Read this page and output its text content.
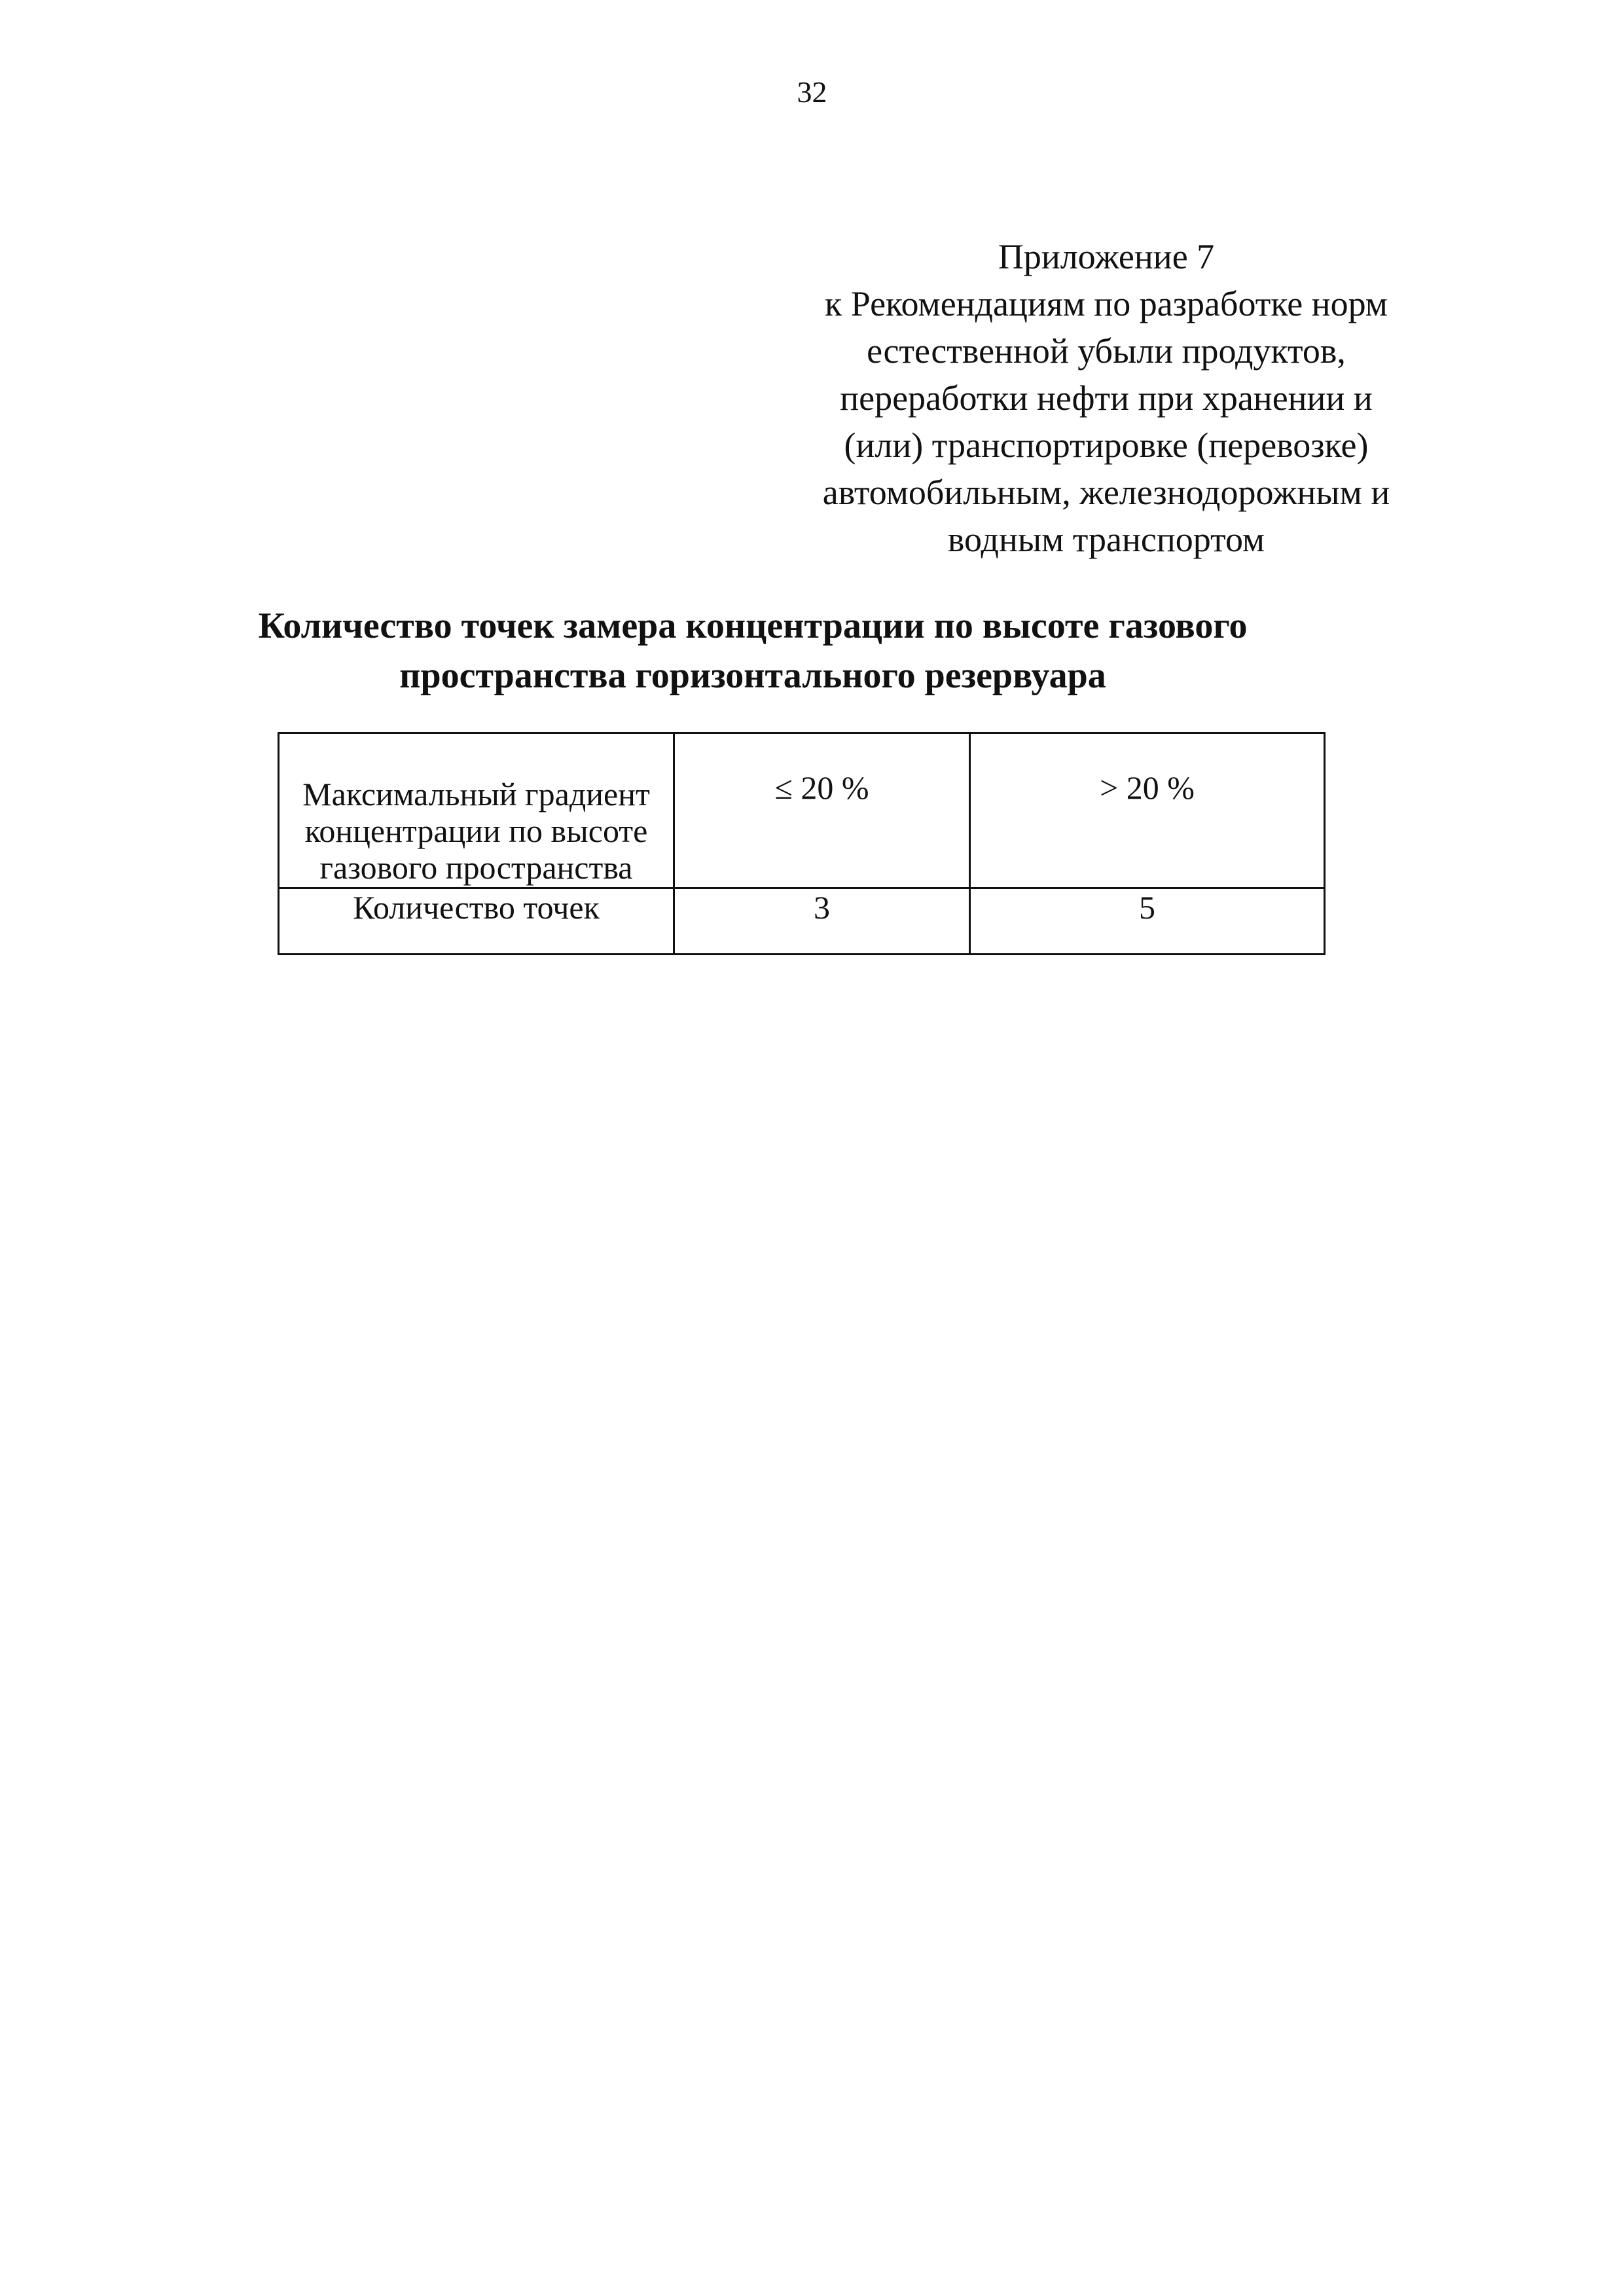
32
Приложение 7
к Рекомендациям по разработке норм
естественной убыли продуктов,
переработки нефти при хранении и
(или) транспортировке (перевозке)
автомобильным, железнодорожным и
водным транспортом
Количество точек замера концентрации по высоте газового
пространства горизонтального резервуара
Максимальный градиент
концентрации по высоте
газового пространства	≤ 20 %	> 20 %
Количество точек	3	5
